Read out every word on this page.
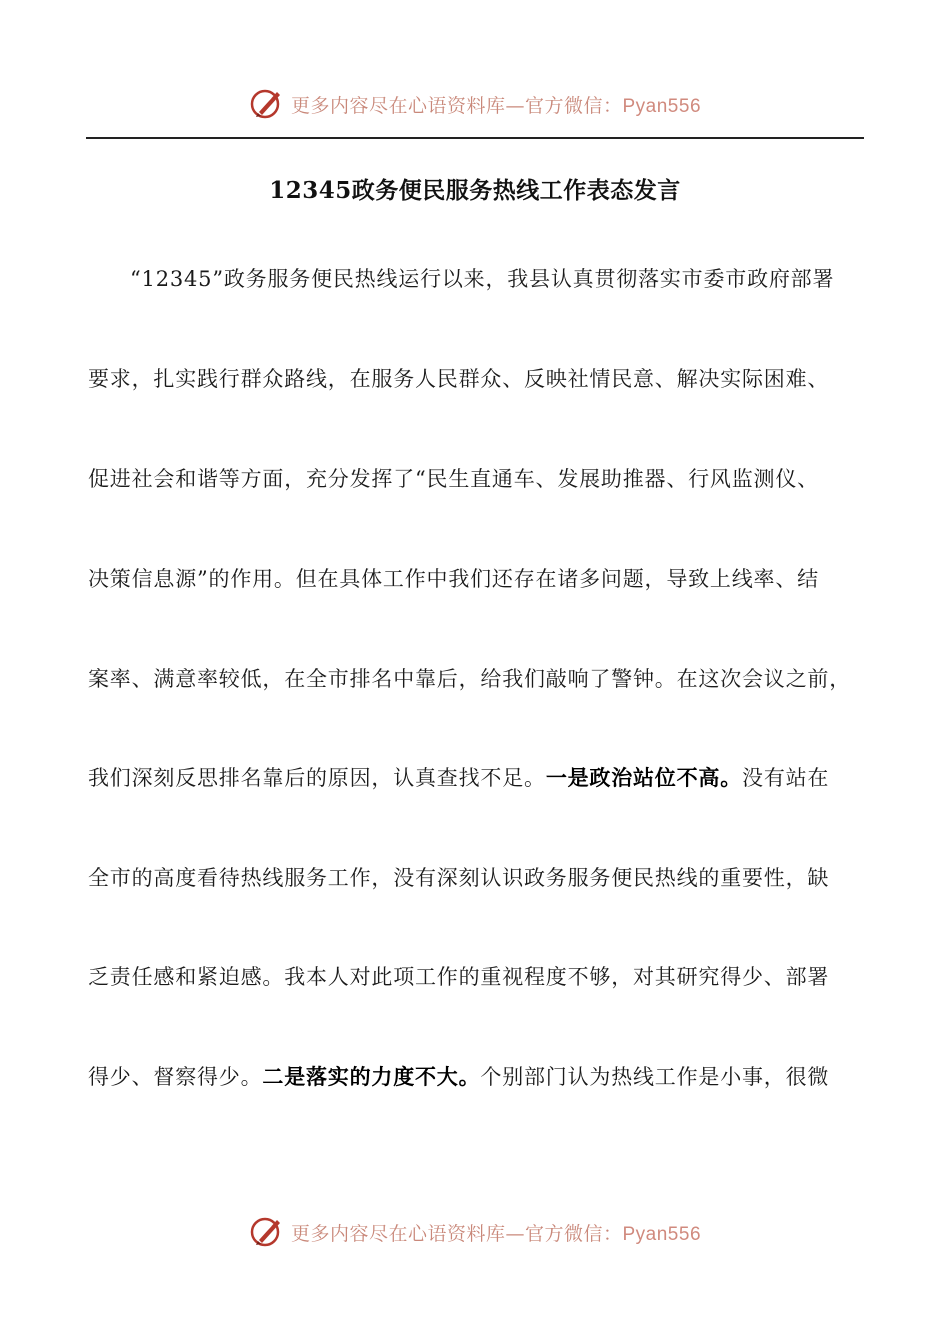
更多内容尽在心语资料库—官方微信：Pyan556
12345政务便民服务热线工作表态发言
“12345”政务服务便民热线运行以来，我县认真贯彻落实市委市政府部署
要求，扎实践行群众路线，在服务人民群众、反映社情民意、解决实际困难、
促进社会和谐等方面，充分发挥了“民生直通车、发展助推器、行风监测仪、
决策信息源”的作用。但在具体工作中我们还存在诸多问题，导致上线率、结
案率、满意率较低，在全市排名中靠后，给我们敲响了警钟。在这次会议之前，
我们深刻反思排名靠后的原因，认真查找不足。一是政治站位不高。没有站在
全市的高度看待热线服务工作，没有深刻认识政务服务便民热线的重要性，缺
乏责任感和紧迫感。我本人对此项工作的重视程度不够，对其研究得少、部署
得少、督察得少。二是落实的力度不大。个别部门认为热线工作是小事，很微
更多内容尽在心语资料库—官方微信：Pyan556
